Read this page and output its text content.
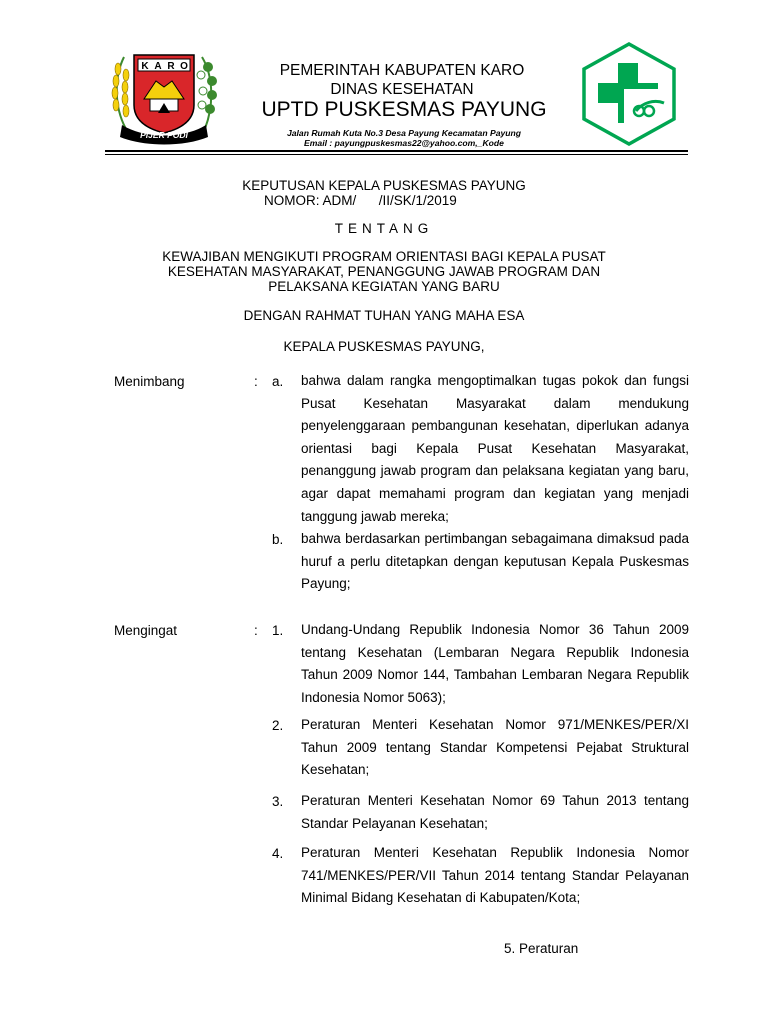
K A R O
PIJER PODI
PEMERINTAH KABUPATEN KARO
DINAS KESEHATAN
UPTD PUSKESMAS PAYUNG
Jalan Rumah Kuta No.3 Desa Payung Kecamatan Payung
Email : payungpuskesmas22@yahoo.com,_Kode
KEPUTUSAN KEPALA PUSKESMAS PAYUNG
NOMOR: ADM/      /II/SK/1/2019
TENTANG
KEWAJIBAN MENGIKUTI PROGRAM ORIENTASI BAGI KEPALA PUSAT
KESEHATAN MASYARAKAT, PENANGGUNG JAWAB PROGRAM DAN
PELAKSANA KEGIATAN YANG BARU
DENGAN RAHMAT TUHAN YANG MAHA ESA
KEPALA PUSKESMAS PAYUNG,
Menimbang	: a.	bahwa dalam rangka mengoptimalkan tugas pokok dan fungsi Pusat Kesehatan Masyarakat dalam mendukung penyelenggaraan pembangunan kesehatan, diperlukan adanya orientasi bagi Kepala Pusat Kesehatan Masyarakat, penanggung jawab program dan pelaksana kegiatan yang baru, agar dapat memahami program dan kegiatan yang menjadi tanggung jawab mereka;

b.	bahwa berdasarkan pertimbangan sebagaimana dimaksud pada huruf a perlu ditetapkan dengan keputusan Kepala Puskesmas Payung;

Mengingat	: 1.	Undang-Undang Republik Indonesia Nomor 36 Tahun 2009 tentang Kesehatan (Lembaran Negara Republik Indonesia Tahun 2009 Nomor 144, Tambahan Lembaran Negara Republik Indonesia Nomor 5063);

2.	Peraturan Menteri Kesehatan Nomor 971/MENKES/PER/XI Tahun 2009 tentang Standar Kompetensi Pejabat Struktural Kesehatan;

3.	Peraturan Menteri Kesehatan Nomor 69 Tahun 2013 tentang Standar Pelayanan Kesehatan;

4.	Peraturan Menteri Kesehatan Republik Indonesia Nomor 741/MENKES/PER/VII Tahun 2014 tentang Standar Pelayanan Minimal Bidang Kesehatan di Kabupaten/Kota;

5. Peraturan
